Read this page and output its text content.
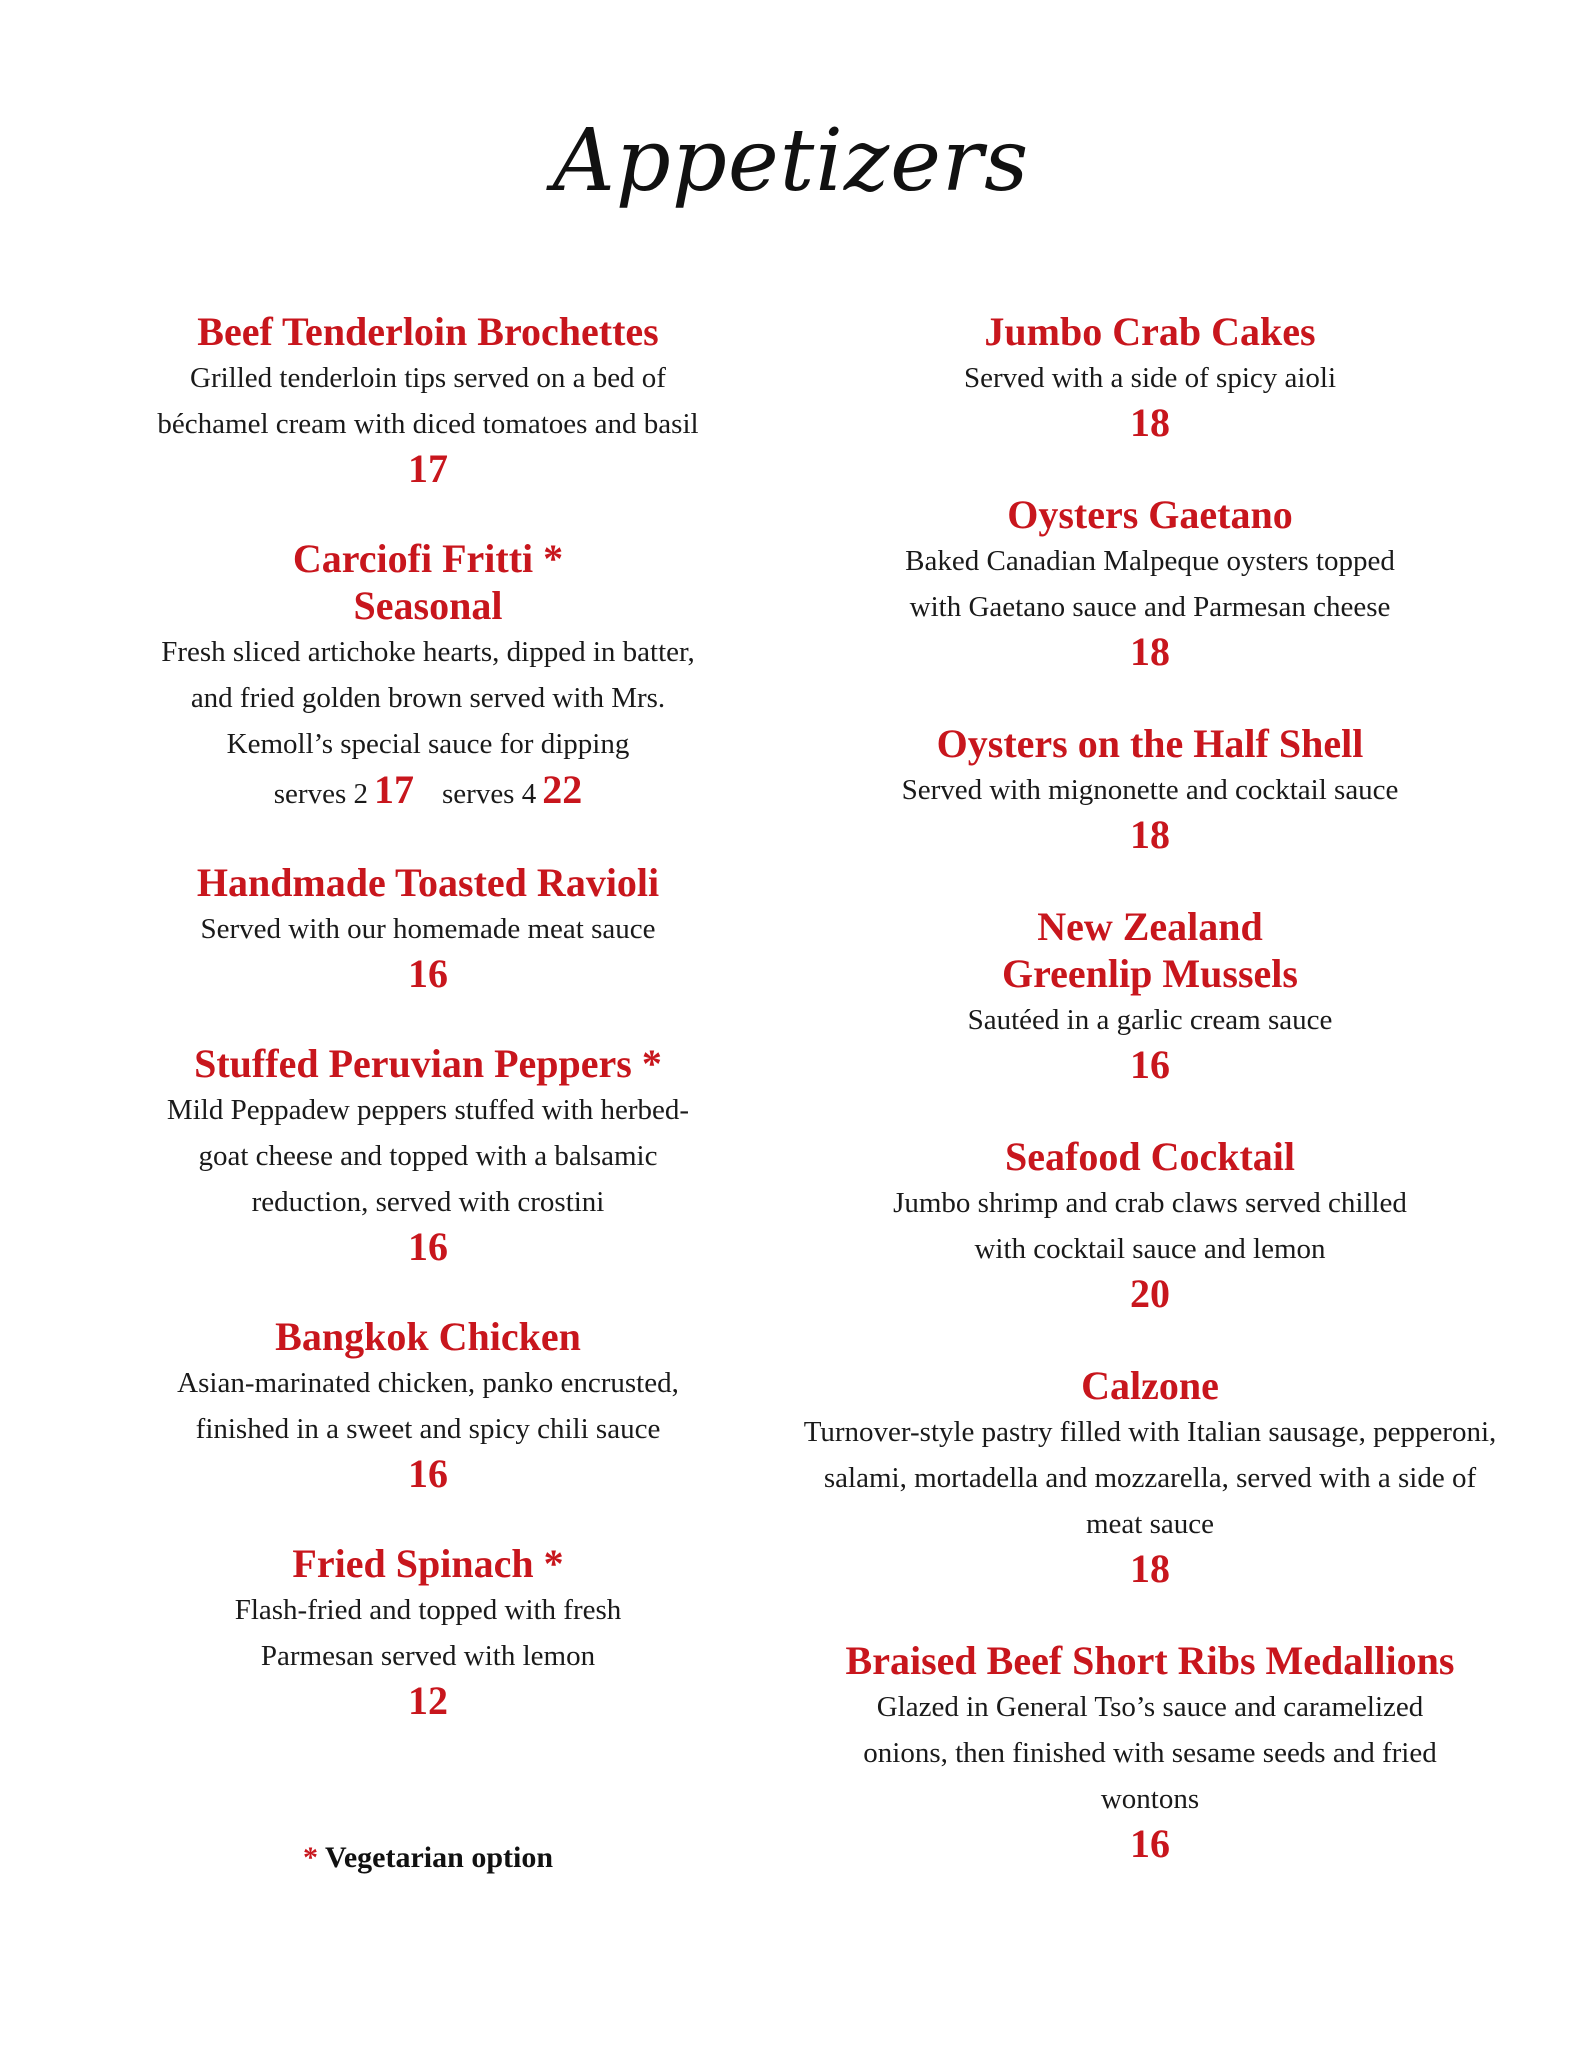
Appetizers
Beef Tenderloin Brochettes
Grilled tenderloin tips served on a bed of béchamel cream with diced tomatoes and basil
17
Carciofi Fritti *
Seasonal
Fresh sliced artichoke hearts, dipped in batter, and fried golden brown served with Mrs. Kemoll’s special sauce for dipping
serves 2 17 serves 4 22
Handmade Toasted Ravioli
Served with our homemade meat sauce
16
Stuffed Peruvian Peppers *
Mild Peppadew peppers stuffed with herbed-goat cheese and topped with a balsamic reduction, served with crostini
16
Bangkok Chicken
Asian-marinated chicken, panko encrusted, finished in a sweet and spicy chili sauce
16
Fried Spinach *
Flash-fried and topped with fresh Parmesan served with lemon
12
Jumbo Crab Cakes
Served with a side of spicy aioli
18
Oysters Gaetano
Baked Canadian Malpeque oysters topped with Gaetano sauce and Parmesan cheese
18
Oysters on the Half Shell
Served with mignonette and cocktail sauce
18
New Zealand
Greenlip Mussels
Sautéed in a garlic cream sauce
16
Seafood Cocktail
Jumbo shrimp and crab claws served chilled with cocktail sauce and lemon
20
Calzone
Turnover-style pastry filled with Italian sausage, pepperoni, salami, mortadella and mozzarella, served with a side of meat sauce
18
Braised Beef Short Ribs Medallions
Glazed in General Tso’s sauce and caramelized onions, then finished with sesame seeds and fried wontons
16
* Vegetarian option
